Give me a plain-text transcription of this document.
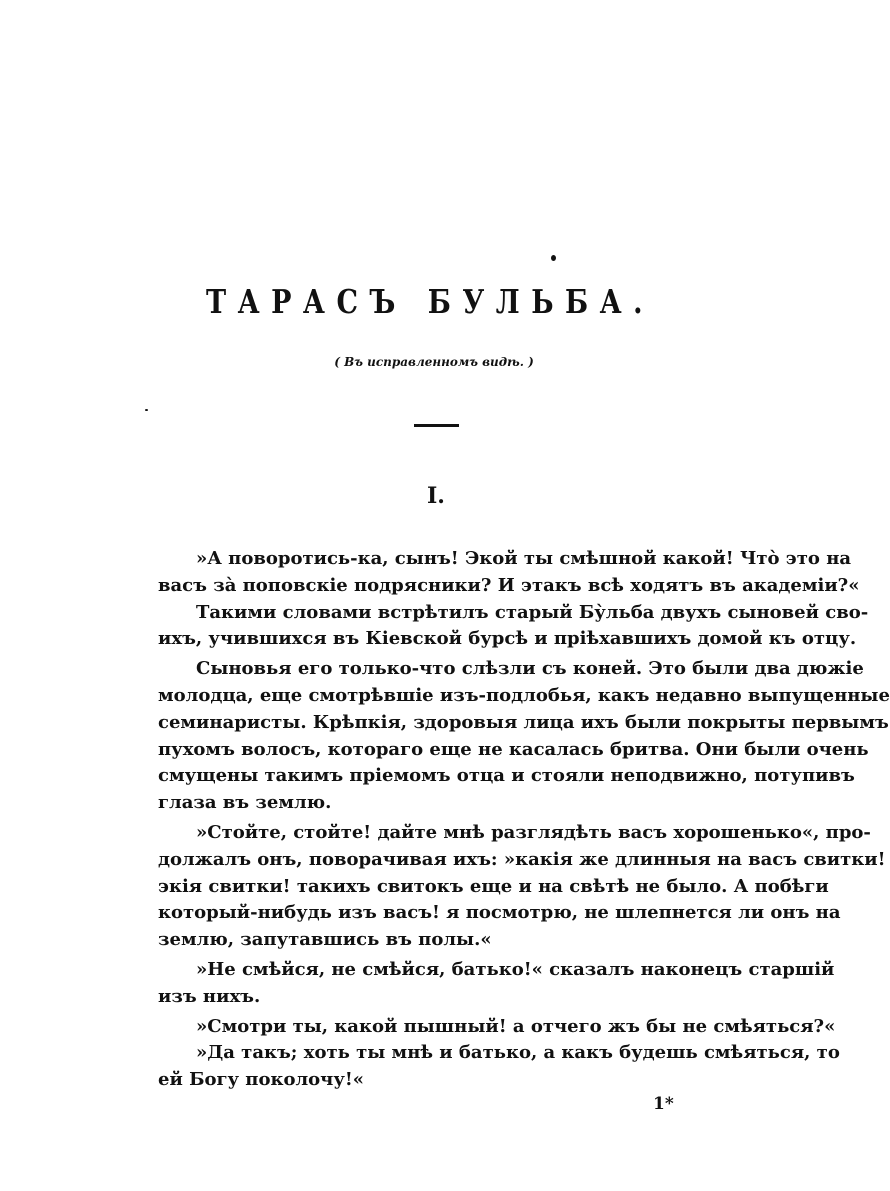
ТАРАСЪ БУЛЬБА.
( Въ исправленномъ видѣ. )
I.
»А поворотись-ка, сынъ! Экой ты смѣшной какой! Что̀ это на
васъ за̀ поповскіе подрясники? И этакъ всѣ ходятъ въ академіи?«
Такими словами встрѣтилъ старый Бу̀льба двухъ сыновей сво-
ихъ, учившихся въ Кіевской бурсѣ и пріѣхавшихъ домой къ отцу.
Сыновья его только-что слѣзли съ коней. Это были два дюжіе
молодца, еще смотрѣвшіе изъ-подлобья, какъ недавно выпущенные
семинаристы. Крѣпкія, здоровыя лица ихъ были покрыты первымъ
пухомъ волосъ, котораго еще не касалась бритва. Они были очень
смущены такимъ пріемомъ отца и стояли неподвижно, потупивъ
глаза въ землю.
»Стойте, стойте! дайте мнѣ разглядѣть васъ хорошенько«, про-
должалъ онъ, поворачивая ихъ: »какія же длинныя на васъ свитки!
экія свитки! такихъ свитокъ еще и на свѣтѣ не было. А побѣги
который-нибудь изъ васъ! я посмотрю, не шлепнется ли онъ на
землю, запутавшись въ полы.«
»Не смѣйся, не смѣйся, батько!« сказалъ наконецъ старшій
изъ нихъ.
»Смотри ты, какой пышный! а отчего жъ бы не смѣяться?«
»Да такъ; хоть ты мнѣ и батько, а какъ будешь смѣяться, то
ей Богу поколочу!«
1*
